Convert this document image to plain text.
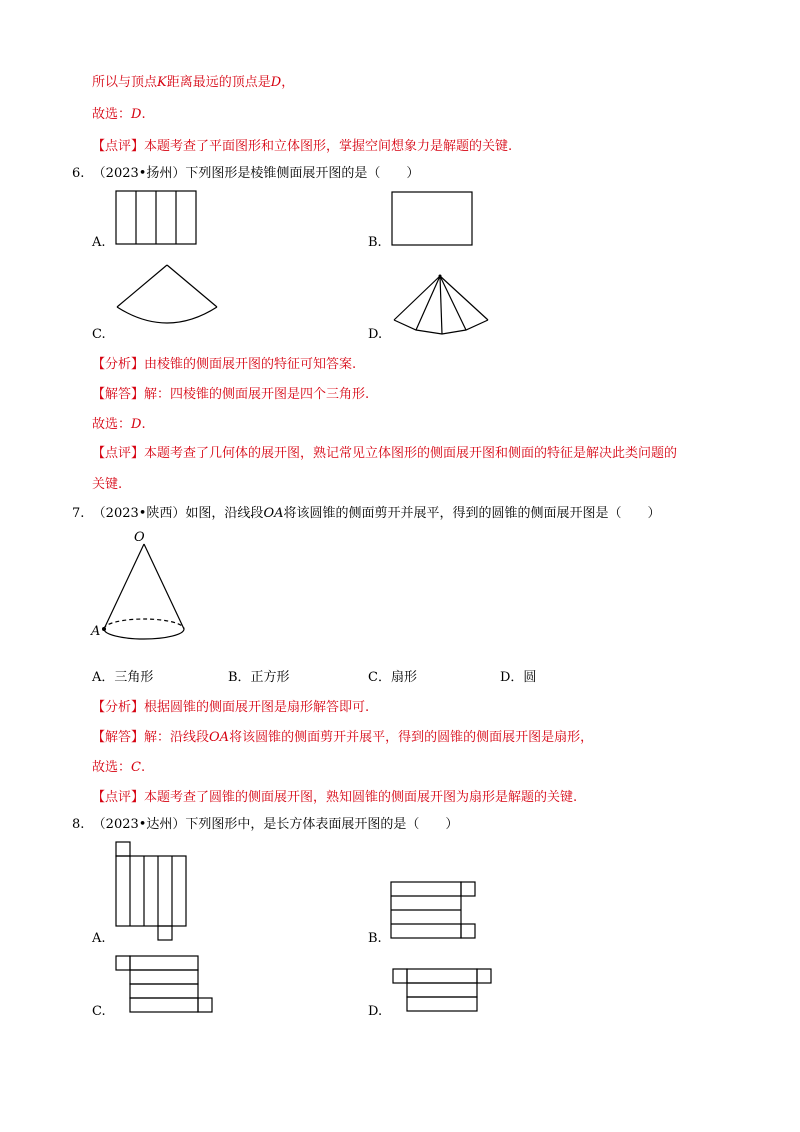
所以与顶点K距离最远的顶点是D，
故选：D.
【点评】本题考查了平面图形和立体图形，掌握空间想象力是解题的关键.
6. （2023•扬州）下列图形是棱锥侧面展开图的是（　　）
A.	B.
C.	D.
【分析】由棱锥的侧面展开图的特征可知答案.
【解答】解：四棱锥的侧面展开图是四个三角形.
故选：D.
【点评】本题考查了几何体的展开图，熟记常见立体图形的侧面展开图和侧面的特征是解决此类问题的
关键.
7. （2023•陕西）如图，沿线段OA将该圆锥的侧面剪开并展平，得到的圆锥的侧面展开图是（　　）
O
A
A．三角形	B．正方形	C．扇形	D．圆
【分析】根据圆锥的侧面展开图是扇形解答即可.
【解答】解：沿线段OA将该圆锥的侧面剪开并展平，得到的圆锥的侧面展开图是扇形，
故选：C.
【点评】本题考查了圆锥的侧面展开图，熟知圆锥的侧面展开图为扇形是解题的关键.
8. （2023•达州）下列图形中，是长方体表面展开图的是（　　）
A.	B.
C.	D.
